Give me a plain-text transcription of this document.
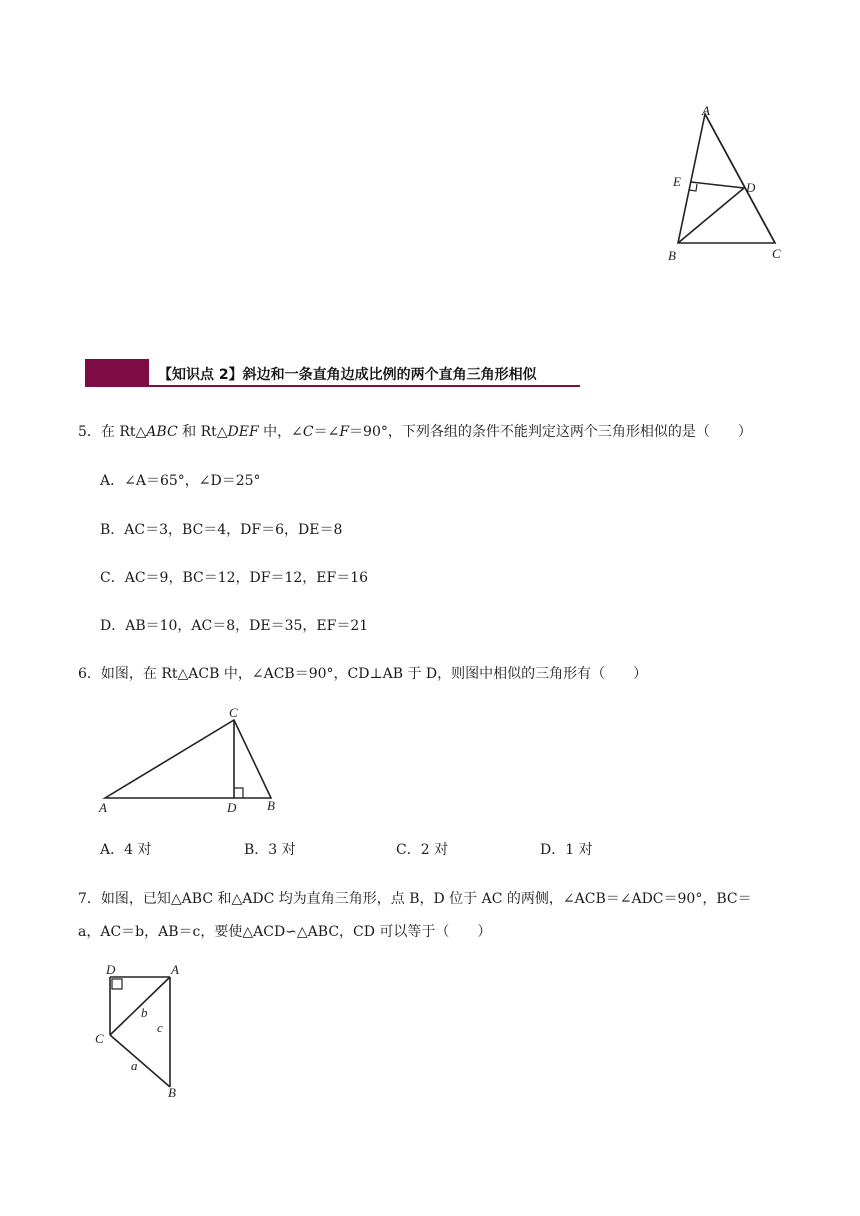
A
E	D
B	C
【知识点 2】斜边和一条直角边成比例的两个直角三角形相似
5．在 Rt△ABC 和 Rt△DEF 中，∠C＝∠F＝90°，下列各组的条件不能判定这两个三角形相似的是（　　）
A．∠A＝65°，∠D＝25°
B．AC＝3，BC＝4，DF＝6，DE＝8
C．AC＝9，BC＝12，DF＝12，EF＝16
D．AB＝10，AC＝8，DE＝35，EF＝21
6．如图，在 Rt△ACB 中，∠ACB＝90°，CD⊥AB 于 D，则图中相似的三角形有（　　）
C
A	D B
A．4 对	B．3 对	C．2 对	D．1 对
7．如图，已知△ABC 和△ADC 均为直角三角形，点 B，D 位于 AC 的两侧，∠ACB＝∠ADC＝90°，BC＝
a，AC＝b，AB＝c，要使△ACD∽△ABC，CD 可以等于（　　）
D	A
b
c
C
a
B
